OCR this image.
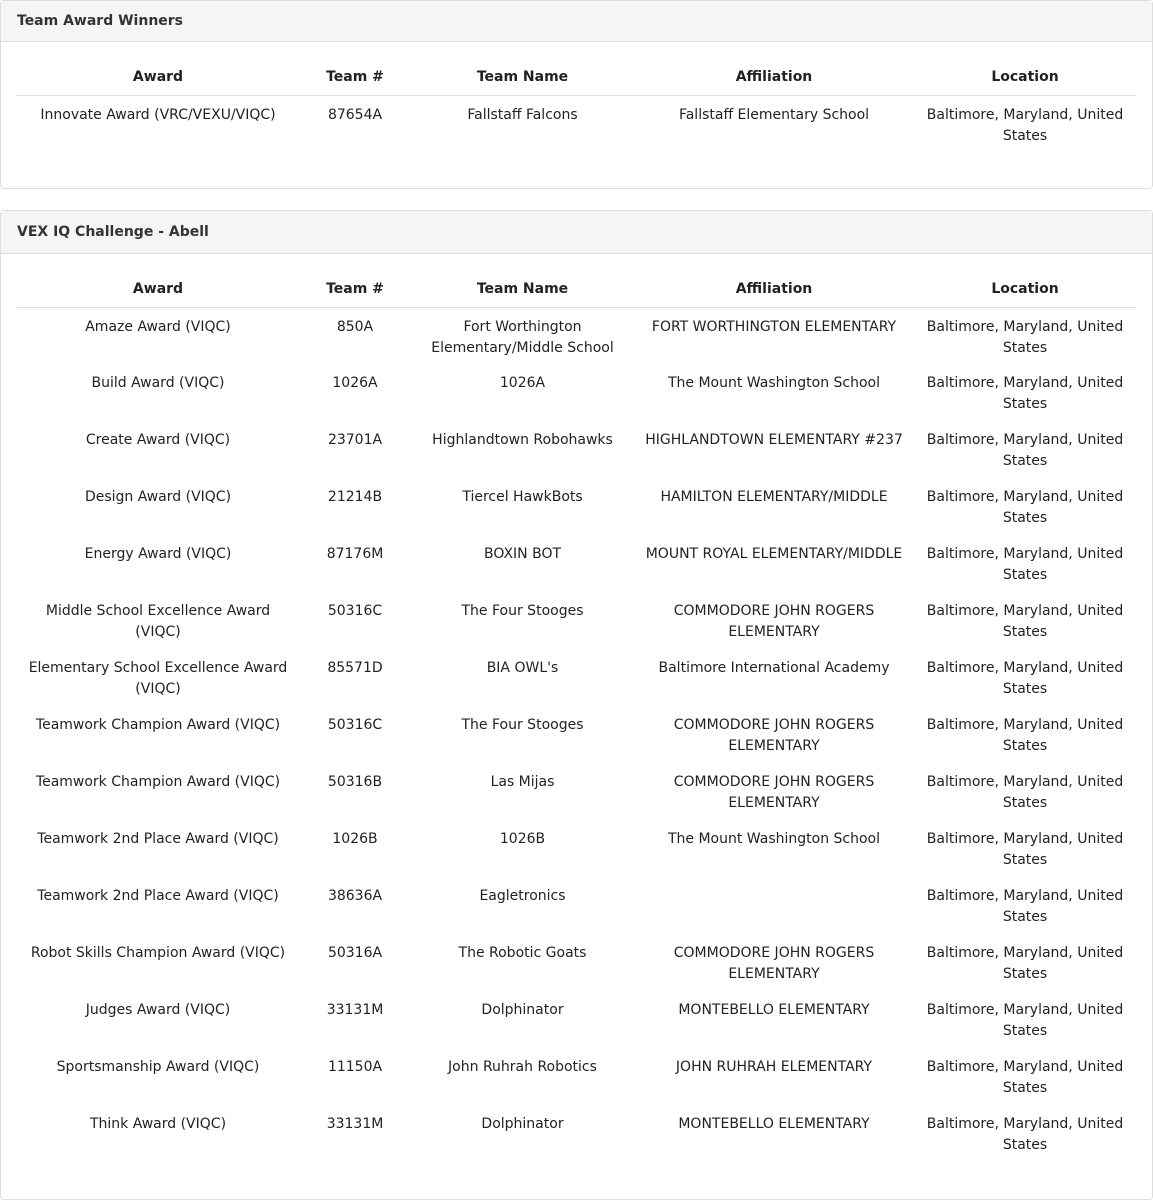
Team Award Winners
Award	Team #	Team Name	Affiliation	Location
Innovate Award (VRC/VEXU/VIQC)	87654A	Fallstaff Falcons	Fallstaff Elementary School	Baltimore, Maryland, United States
VEX IQ Challenge - Abell
Award	Team #	Team Name	Affiliation	Location
Amaze Award (VIQC)	850A	Fort Worthington Elementary/Middle School	FORT WORTHINGTON ELEMENTARY	Baltimore, Maryland, United States
Build Award (VIQC)	1026A	1026A	The Mount Washington School	Baltimore, Maryland, United States
Create Award (VIQC)	23701A	Highlandtown Robohawks	HIGHLANDTOWN ELEMENTARY #237	Baltimore, Maryland, United States
Design Award (VIQC)	21214B	Tiercel HawkBots	HAMILTON ELEMENTARY/MIDDLE	Baltimore, Maryland, United States
Energy Award (VIQC)	87176M	BOXIN BOT	MOUNT ROYAL ELEMENTARY/MIDDLE	Baltimore, Maryland, United States
Middle School Excellence Award (VIQC)	50316C	The Four Stooges	COMMODORE JOHN ROGERS ELEMENTARY	Baltimore, Maryland, United States
Elementary School Excellence Award (VIQC)	85571D	BIA OWL's	Baltimore International Academy	Baltimore, Maryland, United States
Teamwork Champion Award (VIQC)	50316C	The Four Stooges	COMMODORE JOHN ROGERS ELEMENTARY	Baltimore, Maryland, United States
Teamwork Champion Award (VIQC)	50316B	Las Mijas	COMMODORE JOHN ROGERS ELEMENTARY	Baltimore, Maryland, United States
Teamwork 2nd Place Award (VIQC)	1026B	1026B	The Mount Washington School	Baltimore, Maryland, United States
Teamwork 2nd Place Award (VIQC)	38636A	Eagletronics		Baltimore, Maryland, United States
Robot Skills Champion Award (VIQC)	50316A	The Robotic Goats	COMMODORE JOHN ROGERS ELEMENTARY	Baltimore, Maryland, United States
Judges Award (VIQC)	33131M	Dolphinator	MONTEBELLO ELEMENTARY	Baltimore, Maryland, United States
Sportsmanship Award (VIQC)	11150A	John Ruhrah Robotics	JOHN RUHRAH ELEMENTARY	Baltimore, Maryland, United States
Think Award (VIQC)	33131M	Dolphinator	MONTEBELLO ELEMENTARY	Baltimore, Maryland, United States
